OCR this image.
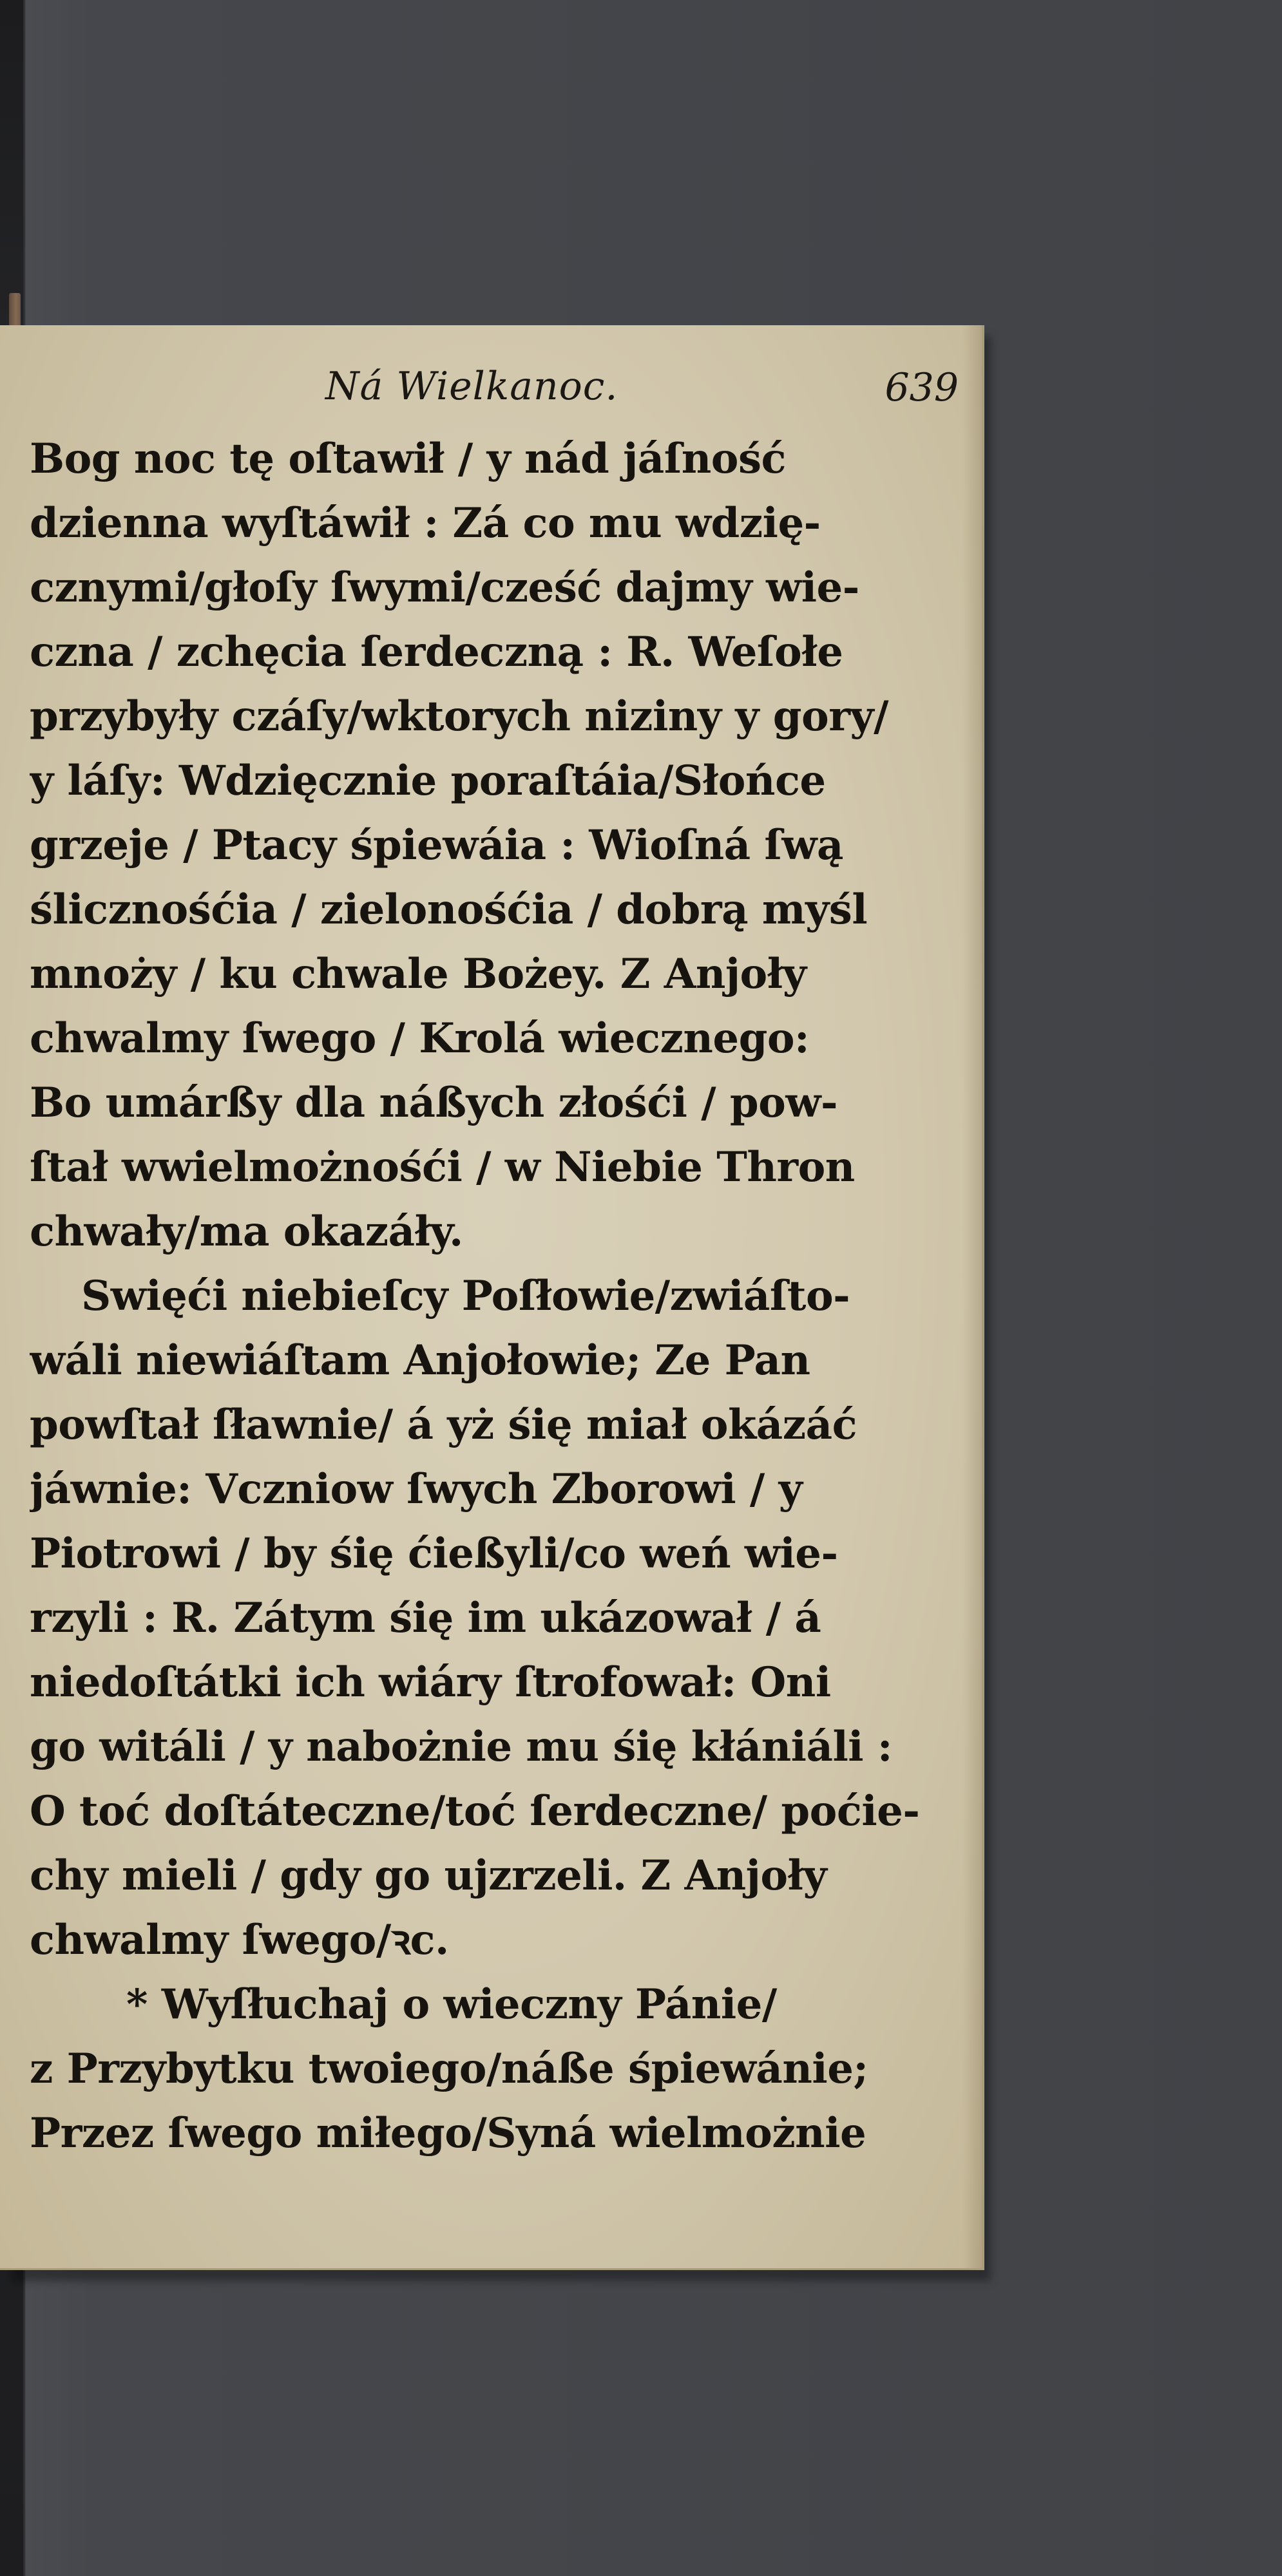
Ná Wielkanoc.	639
Bog noc tę oſtawił / y nád jáſność
dzienna wyſtáwił : Zá co mu wdzię-
cznymi/głoſy ſwymi/cześć dajmy wie-
czna / zchęcia ſerdeczną : R. Weſołe
przybyły czáſy/wktorych niziny y gory/
y láſy: Wdzięcznie poraſtáia/Słońce
grzeje / Ptacy śpiewáia : Wioſná ſwą
ślicznośćia / zielonośćia / dobrą myśl
mnoży / ku chwale Bożey. Z Anjoły
chwalmy ſwego / Krolá wiecznego:
Bo umárßy dla náßych złośći / pow-
ſtał wwielmożnośći / w Niebie Thron
chwały/ma okazáły.
Swięći niebieſcy Poſłowie/zwiáſto-
wáli niewiáſtam Anjołowie; Ze Pan
powſtał ſławnie/ á yż śię miał okázáć
jáwnie: Vczniow ſwych Zborowi / y
Piotrowi / by śię ćießyli/co weń wie-
rzyli : R. Zátym śię im ukázował / á
niedoſtátki ich wiáry ſtrofował: Oni
go witáli / y nabożnie mu śię kłániáli :
O toć doſtáteczne/toć ſerdeczne/ poćie-
chy mieli / gdy go ujzrzeli. Z Anjoły
chwalmy ſwego/ꝛc.
* Wyſłuchaj o wieczny Pánie/
z Przybytku twoiego/náße śpiewánie;
Przez ſwego miłego/Syná wielmożnie
